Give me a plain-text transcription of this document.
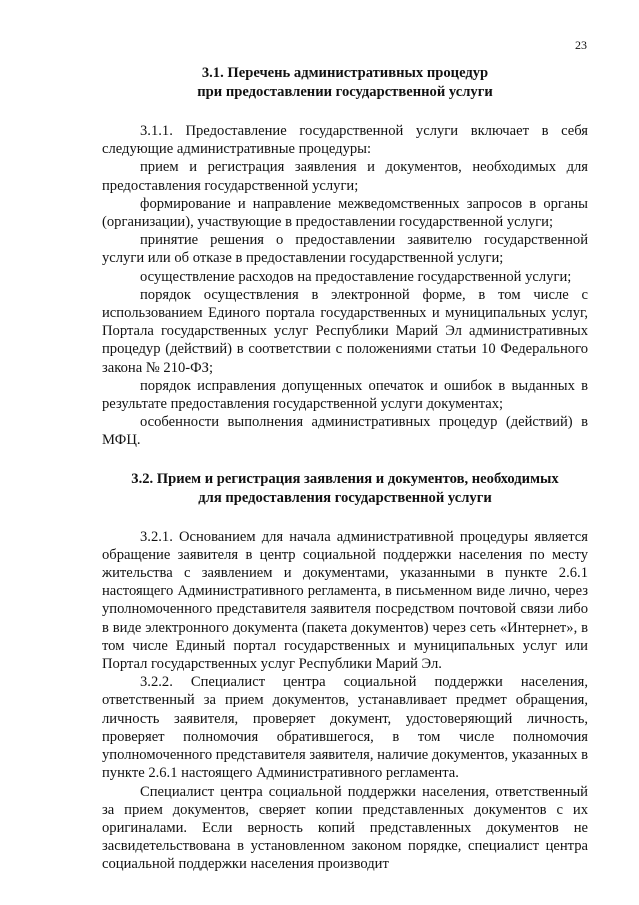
23
3.1. Перечень административных процедур
при предоставлении государственной услуги

3.1.1. Предоставление государственной услуги включает в себя следующие административные процедуры:

прием и регистрация заявления и документов, необходимых для предоставления государственной услуги;

формирование и направление межведомственных запросов в органы (организации), участвующие в предоставлении государственной услуги;

принятие решения о предоставлении заявителю государственной услуги или об отказе в предоставлении государственной услуги;

осуществление расходов на предоставление государственной услуги;

порядок осуществления в электронной форме, в том числе с использованием Единого портала государственных и муниципальных услуг, Портала государственных услуг Республики Марий Эл административных процедур (действий) в соответствии с положениями статьи 10 Федерального закона № 210-ФЗ;

порядок исправления допущенных опечаток и ошибок в выданных в результате предоставления государственной услуги документах;

особенности выполнения административных процедур (действий) в МФЦ.

3.2. Прием и регистрация заявления и документов, необходимых
для предоставления государственной услуги

3.2.1. Основанием для начала административной процедуры является обращение заявителя в центр социальной поддержки населения по месту жительства с заявлением и документами, указанными в пункте 2.6.1 настоящего Административного регламента, в письменном виде лично, через уполномоченного представителя заявителя посредством почтовой связи либо в виде электронного документа (пакета документов) через сеть «Интернет», в том числе Единый портал государственных и муниципальных услуг или Портал государственных услуг Республики Марий Эл.

3.2.2. Специалист центра социальной поддержки населения, ответственный за прием документов, устанавливает предмет обращения, личность заявителя, проверяет документ, удостоверяющий личность, проверяет полномочия обратившегося, в том числе полномочия уполномоченного представителя заявителя, наличие документов, указанных в пункте 2.6.1 настоящего Административного регламента.

Специалист центра социальной поддержки населения, ответственный за прием документов, сверяет копии представленных документов с их оригиналами. Если верность копий представленных документов не засвидетельствована в установленном законом порядке, специалист центра социальной поддержки населения производит
